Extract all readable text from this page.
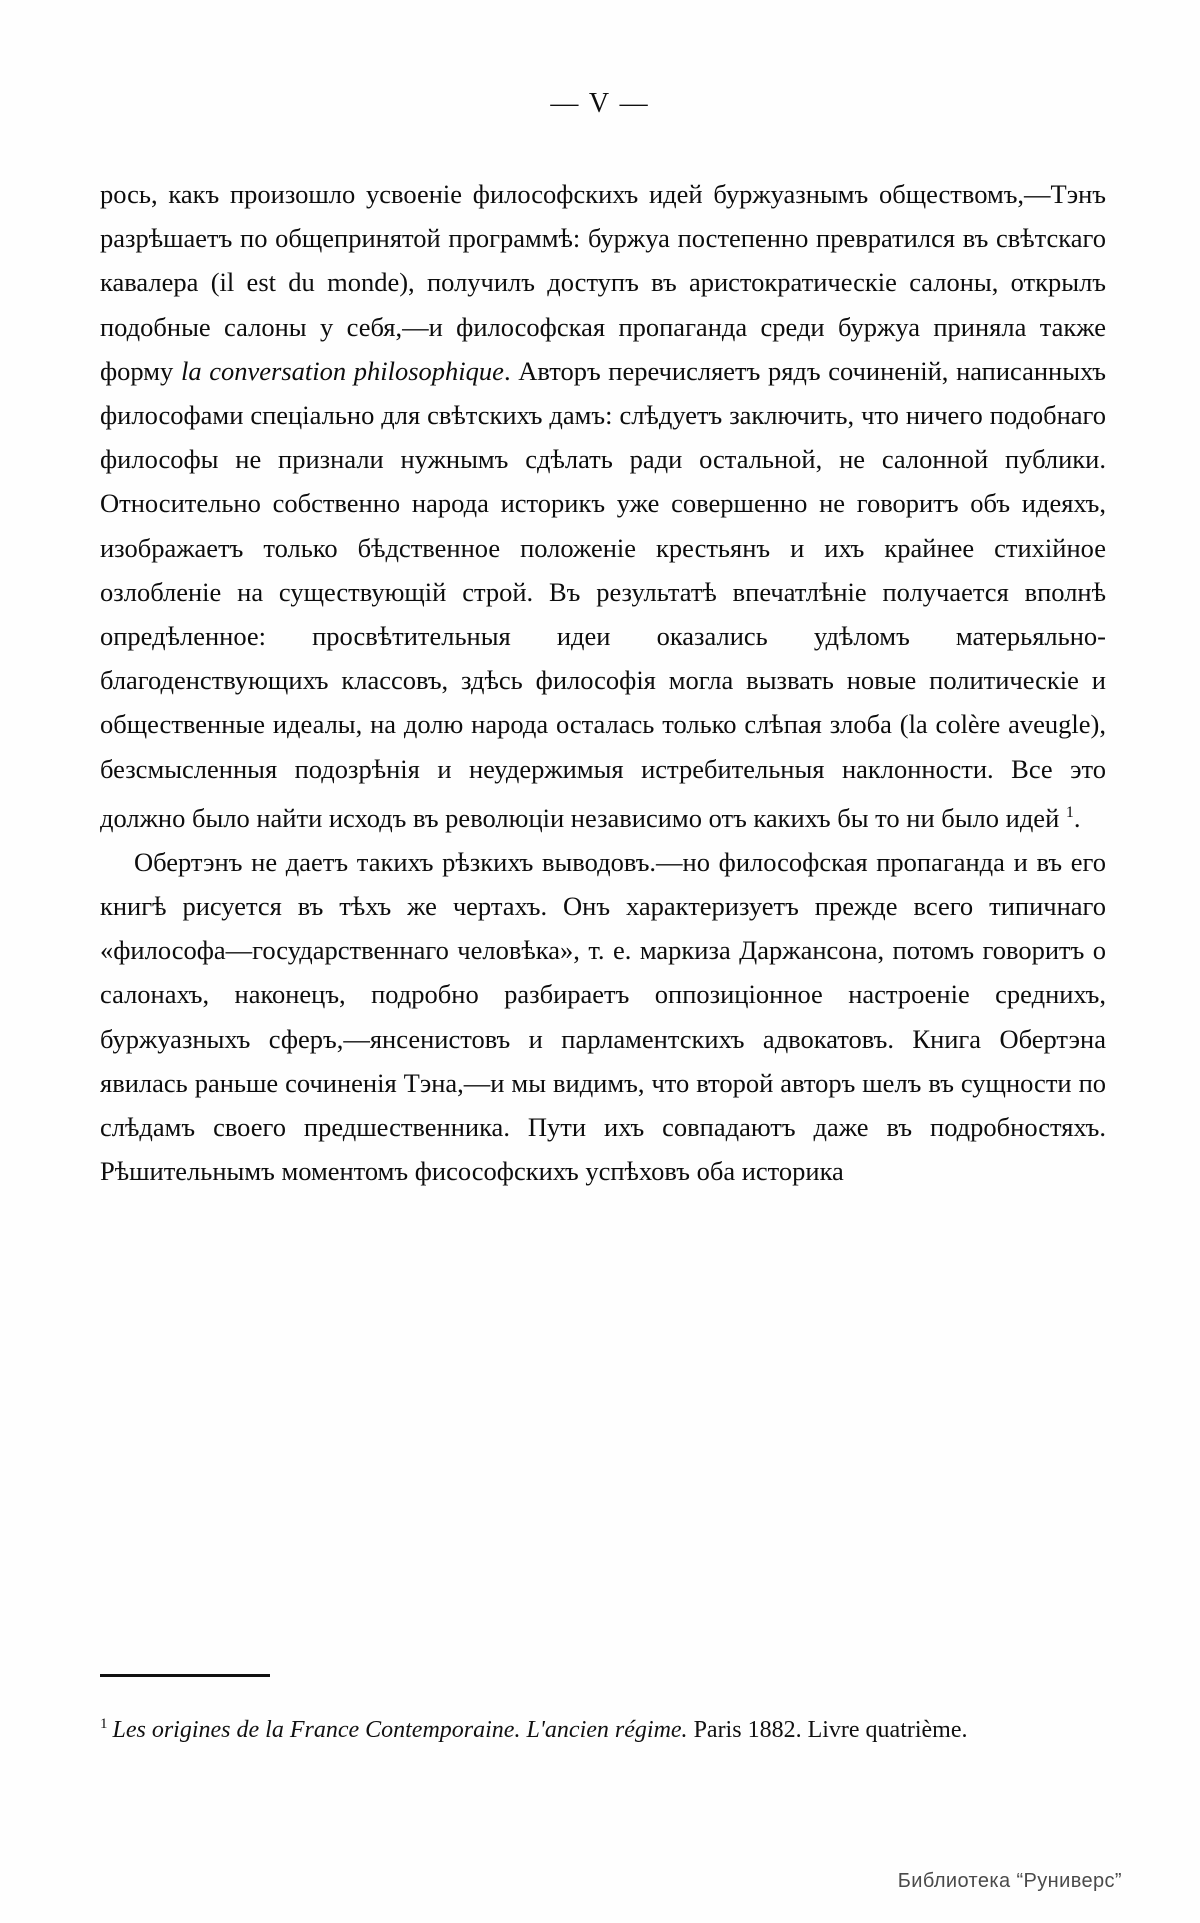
— V —

рось, какъ произошло усвоеніе философскихъ идей буржуазнымъ обществомъ,—Тэнъ разрѣшаетъ по общепринятой программѣ: буржуа постепенно превратился въ свѣтскаго кавалера (il est du monde), получилъ доступъ въ аристократическіе салоны, открылъ подобные салоны у себя,—и философская пропаганда среди буржуа приняла также форму la conversation philosophique. Авторъ перечисляетъ рядъ сочиненій, написанныхъ философами спеціально для свѣтскихъ дамъ: слѣдуетъ заключить, что ничего подобнаго философы не признали нужнымъ сдѣлать ради остальной, не салонной публики. Относительно собственно народа историкъ уже совершенно не говоритъ объ идеяхъ, изображаетъ только бѣдственное положеніе крестьянъ и ихъ крайнее стихійное озлобленіе на существующій строй. Въ результатѣ впечатлѣніе получается вполнѣ опредѣленное: просвѣтительныя идеи оказались удѣломъ матерьяльно-благоденствующихъ классовъ, здѣсь философія могла вызвать новые политическіе и общественные идеалы, на долю народа осталась только слѣпая злоба (la colère aveugle), безсмысленныя подозрѣнія и неудержимыя истребительныя наклонности. Все это должно было найти исходъ въ революціи независимо отъ какихъ бы то ни было идей $^1$.

Обертэнъ не даетъ такихъ рѣзкихъ выводовъ.—но философская пропаганда и въ его книгѣ рисуется въ тѣхъ же чертахъ. Онъ характеризуетъ прежде всего типичнаго «философа—государственнаго человѣка», т. е. маркиза Даржансона, потомъ говоритъ о салонахъ, наконецъ, подробно разбираетъ оппозиціонное настроеніе среднихъ, буржуазныхъ сферъ,—янсенистовъ и парламентскихъ адвокатовъ. Книга Обертэна явилась раньше сочиненія Тэна,—и мы видимъ, что второй авторъ шелъ въ сущности по слѣдамъ своего предшественника. Пути ихъ совпадаютъ даже въ подробностяхъ. Рѣшительнымъ моментомъ фисософскихъ успѣховъ оба историка

$^1$ Les origines de la France Contemporaine. L'ancien régime. Paris 1882. Livre quatrième.
Библиотека “Руниверс”
